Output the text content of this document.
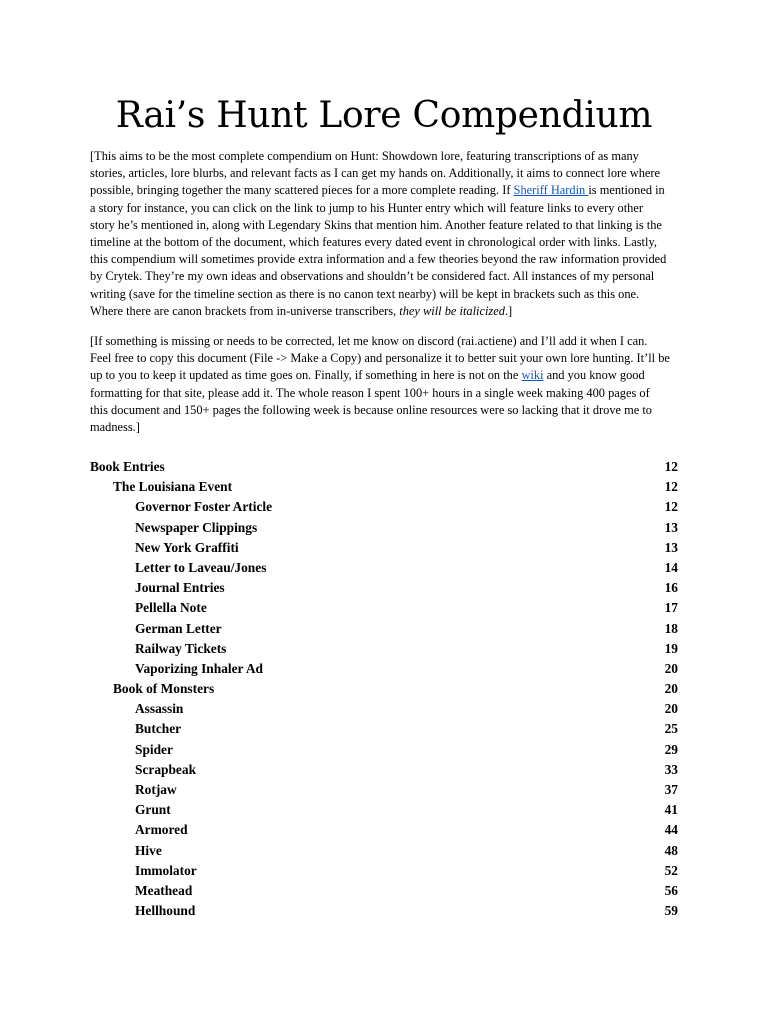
Rai’s Hunt Lore Compendium

[This aims to be the most complete compendium on Hunt: Showdown lore, featuring transcriptions of as many
stories, articles, lore blurbs, and relevant facts as I can get my hands on. Additionally, it aims to connect lore where
possible, bringing together the many scattered pieces for a more complete reading. If Sheriff Hardin is mentioned in
a story for instance, you can click on the link to jump to his Hunter entry which will feature links to every other
story he’s mentioned in, along with Legendary Skins that mention him. Another feature related to that linking is the
timeline at the bottom of the document, which features every dated event in chronological order with links. Lastly,
this compendium will sometimes provide extra information and a few theories beyond the raw information provided
by Crytek. They’re my own ideas and observations and shouldn’t be considered fact. All instances of my personal
writing (save for the timeline section as there is no canon text nearby) will be kept in brackets such as this one.
Where there are canon brackets from in-universe transcribers, they will be italicized.]

[If something is missing or needs to be corrected, let me know on discord (rai.actiene) and I’ll add it when I can.
Feel free to copy this document (File -> Make a Copy) and personalize it to better suit your own lore hunting. It’ll be
up to you to keep it updated as time goes on. Finally, if something in here is not on the wiki and you know good
formatting for that site, please add it. The whole reason I spent 100+ hours in a single week making 400 pages of
this document and 150+ pages the following week is because online resources were so lacking that it drove me to
madness.]

Book Entries	12
The Louisiana Event	12
Governor Foster Article	12
Newspaper Clippings	13
New York Graffiti	13
Letter to Laveau/Jones	14
Journal Entries	16
Pellella Note	17
German Letter	18
Railway Tickets	19
Vaporizing Inhaler Ad	20
Book of Monsters	20
Assassin	20
Butcher	25
Spider	29
Scrapbeak	33
Rotjaw	37
Grunt	41
Armored	44
Hive	48
Immolator	52
Meathead	56
Hellhound	59
